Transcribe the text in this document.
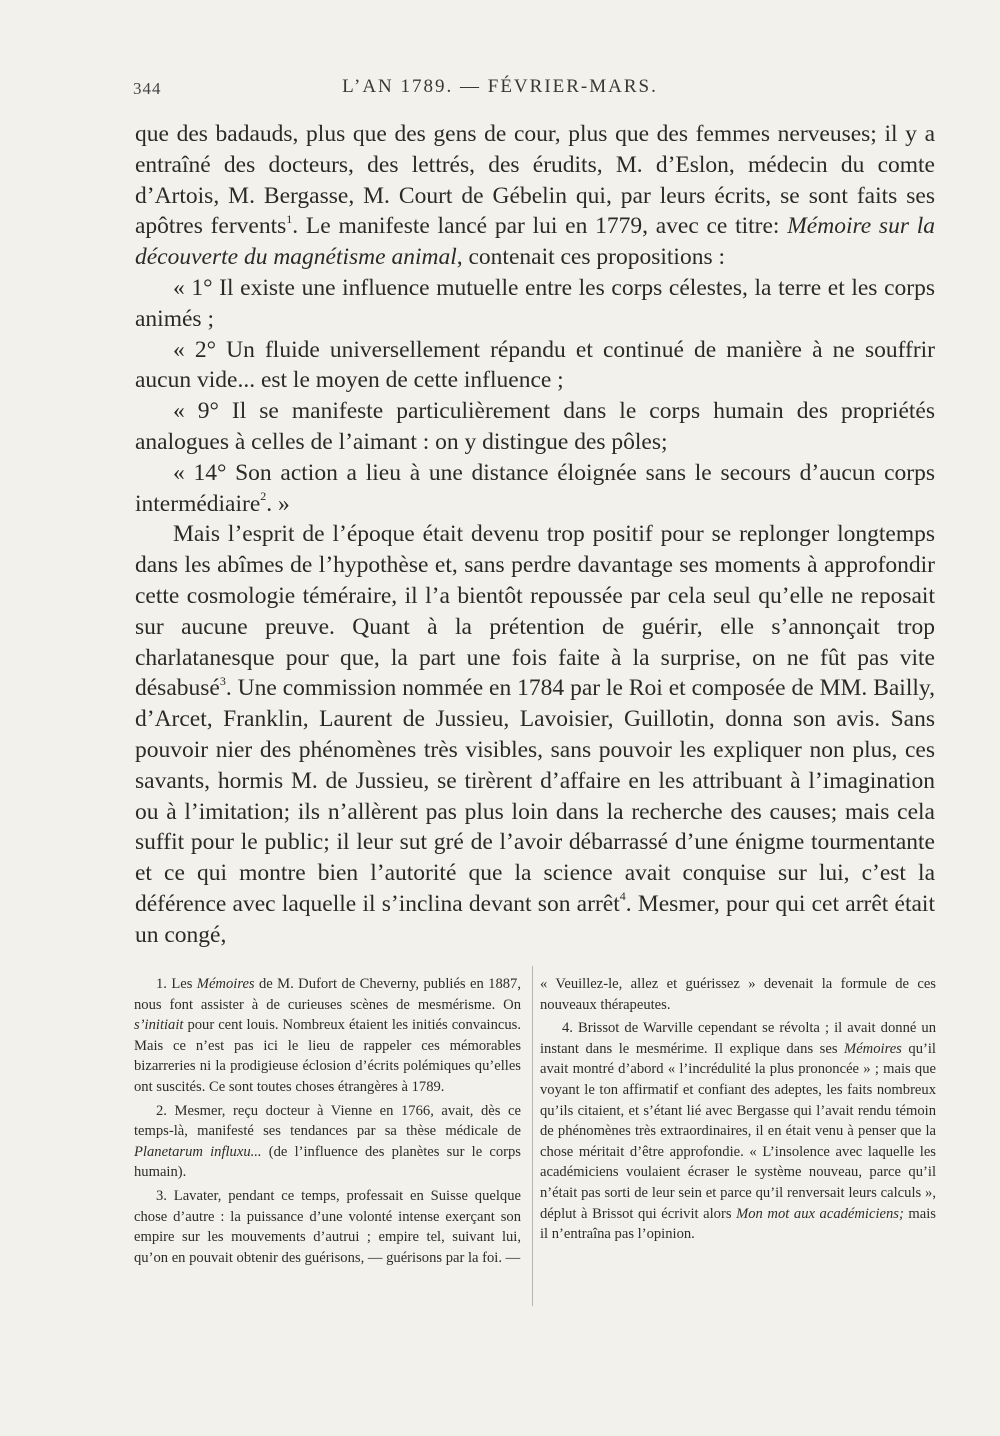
344	L’AN 1789. — FÉVRIER-MARS.

que des badauds, plus que des gens de cour, plus que des femmes nerveuses; il y a entraîné des docteurs, des lettrés, des érudits, M. d’Eslon, médecin du comte d’Artois, M. Bergasse, M. Court de Gébelin qui, par leurs écrits, se sont faits ses apôtres fervents$^1$. Le manifeste lancé par lui en 1779, avec ce titre: Mémoire sur la découverte du magnétisme animal, contenait ces propositions :

« 1° Il existe une influence mutuelle entre les corps célestes, la terre et les corps animés ;

« 2° Un fluide universellement répandu et continué de manière à ne souffrir aucun vide... est le moyen de cette influence ;

« 9° Il se manifeste particulièrement dans le corps humain des propriétés analogues à celles de l’aimant : on y distingue des pôles;

« 14° Son action a lieu à une distance éloignée sans le secours d’aucun corps intermédiaire$^2$. »

Mais l’esprit de l’époque était devenu trop positif pour se replonger longtemps dans les abîmes de l’hypothèse et, sans perdre davantage ses moments à approfondir cette cosmologie téméraire, il l’a bientôt repoussée par cela seul qu’elle ne reposait sur aucune preuve. Quant à la prétention de guérir, elle s’annonçait trop charlatanesque pour que, la part une fois faite à la surprise, on ne fût pas vite désabusé$^3$. Une commission nommée en 1784 par le Roi et composée de MM. Bailly, d’Arcet, Franklin, Laurent de Jussieu, Lavoisier, Guillotin, donna son avis. Sans pouvoir nier des phénomènes très visibles, sans pouvoir les expliquer non plus, ces savants, hormis M. de Jussieu, se tirèrent d’affaire en les attribuant à l’imagination ou à l’imitation; ils n’allèrent pas plus loin dans la recherche des causes; mais cela suffit pour le public; il leur sut gré de l’avoir débarrassé d’une énigme tourmentante et ce qui montre bien l’autorité que la science avait conquise sur lui, c’est la déférence avec laquelle il s’inclina devant son arrêt$^4$. Mesmer, pour qui cet arrêt était un congé,

1. Les Mémoires de M. Dufort de Cheverny, publiés en 1887, nous font assister à de curieuses scènes de mesmérisme. On s’initiait pour cent louis. Nombreux étaient les initiés convaincus. Mais ce n’est pas ici le lieu de rappeler ces mémorables bizarreries ni la prodigieuse éclosion d’écrits polémiques qu’elles ont suscités. Ce sont toutes choses étrangères à 1789.

2. Mesmer, reçu docteur à Vienne en 1766, avait, dès ce temps-là, manifesté ses tendances par sa thèse médicale de Planetarum influxu... (de l’influence des planètes sur le corps humain).

3. Lavater, pendant ce temps, professait en Suisse quelque chose d’autre : la puissance d’une volonté intense exerçant son empire sur les mouvements d’autrui ; empire tel, suivant lui, qu’on en pouvait obtenir des guérisons, — guérisons par la foi. —

« Veuillez-le, allez et guérissez » devenait la formule de ces nouveaux thérapeutes.

4. Brissot de Warville cependant se révolta ; il avait donné un instant dans le mesmérime. Il explique dans ses Mémoires qu’il avait montré d’abord « l’incrédulité la plus prononcée » ; mais que voyant le ton affirmatif et confiant des adeptes, les faits nombreux qu’ils citaient, et s’étant lié avec Bergasse qui l’avait rendu témoin de phénomènes très extraordinaires, il en était venu à penser que la chose méritait d’être approfondie. « L’insolence avec laquelle les académiciens voulaient écraser le système nouveau, parce qu’il n’était pas sorti de leur sein et parce qu’il renversait leurs calculs », déplut à Brissot qui écrivit alors Mon mot aux académiciens; mais il n’entraîna pas l’opinion.
